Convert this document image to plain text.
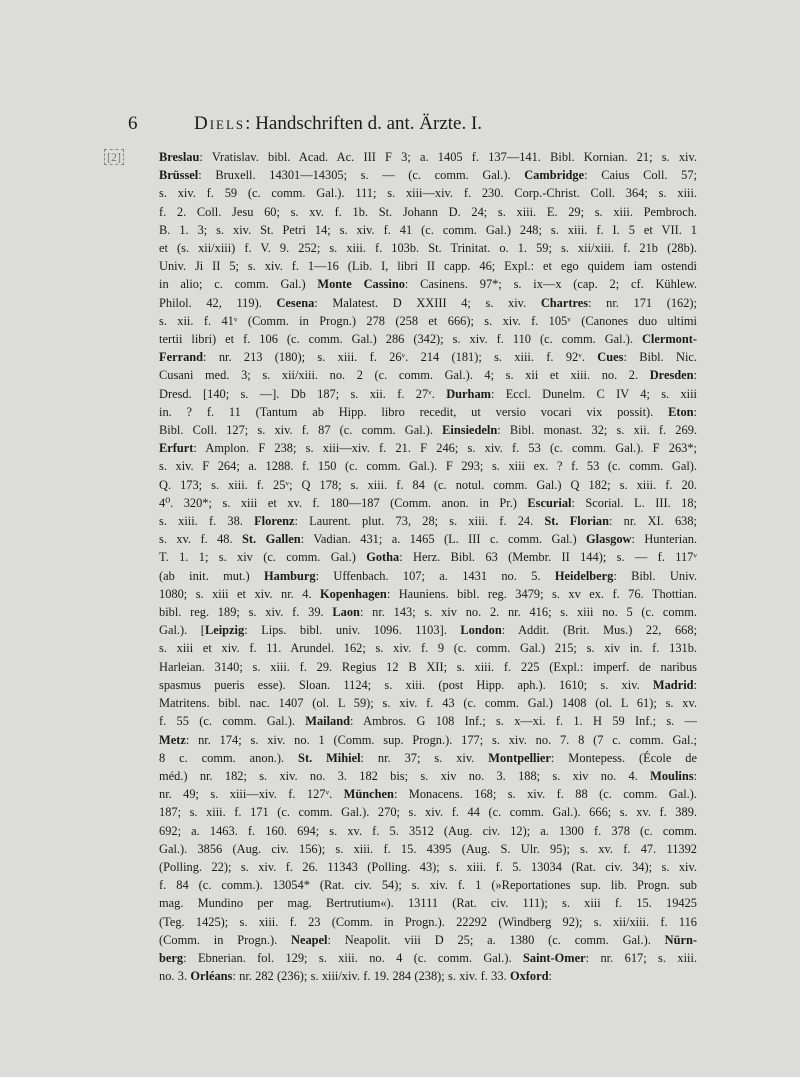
6	Diels: Handschriften d. ant. Ärzte. I.
[2]	Breslau: Vratislav. bibl. Acad. Ac. III F 3; a. 1405 f. 137—141. Bibl. Kornian. 21; s. xiv.
Brüssel: Bruxell. 14301—14305; s. — (c. comm. Gal.). Cambridge: Caius Coll. 57;
s. xiv. f. 59 (c. comm. Gal.). 111; s. xiii—xiv. f. 230. Corp.-Christ. Coll. 364; s. xiii.
f. 2. Coll. Jesu 60; s. xv. f. 1b. St. Johann D. 24; s. xiii. E. 29; s. xiii. Pembroch.
B. 1. 3; s. xiv. St. Petri 14; s. xiv. f. 41 (c. comm. Gal.) 248; s. xiii. f. I. 5 et VII. 1
et (s. xii/xiii) f. V. 9. 252; s. xiii. f. 103b. St. Trinitat. o. 1. 59; s. xii/xiii. f. 21b (28b).
Univ. Ji II 5; s. xiv. f. 1—16 (Lib. I, libri II capp. 46; Expl.: et ego quidem iam ostendi
in alio; c. comm. Gal.) Monte Cassino: Casinens. 97*; s. ix—x (cap. 2; cf. Kühlew.
Philol. 42, 119). Cesena: Malatest. D XXIII 4; s. xiv. Chartres: nr. 171 (162);
s. xii. f. 41ᵛ (Comm. in Progn.) 278 (258 et 666); s. xiv. f. 105ᵛ (Canones duo ultimi
tertii libri) et f. 106 (c. comm. Gal.) 286 (342); s. xiv. f. 110 (c. comm. Gal.). Clermont-
Ferrand: nr. 213 (180); s. xiii. f. 26ᵛ. 214 (181); s. xiii. f. 92ᵛ. Cues: Bibl. Nic.
Cusani med. 3; s. xii/xiii. no. 2 (c. comm. Gal.). 4; s. xii et xiii. no. 2. Dresden:
Dresd. [140; s. —]. Db 187; s. xii. f. 27ᵛ. Durham: Eccl. Dunelm. C IV 4; s. xiii
in. ? f. 11 (Tantum ab Hipp. libro recedit, ut versio vocari vix possit). Eton:
Bibl. Coll. 127; s. xiv. f. 87 (c. comm. Gal.). Einsiedeln: Bibl. monast. 32; s. xii. f. 269.
Erfurt: Amplon. F 238; s. xiii—xiv. f. 21. F 246; s. xiv. f. 53 (c. comm. Gal.). F 263*;
s. xiv. F 264; a. 1288. f. 150 (c. comm. Gal.). F 293; s. xiii ex. ? f. 53 (c. comm. Gal).
Q. 173; s. xiii. f. 25ᵛ; Q 178; s. xiii. f. 84 (c. notul. comm. Gal.) Q 182; s. xiii. f. 20.
4⁰. 320*; s. xiii et xv. f. 180—187 (Comm. anon. in Pr.) Escurial: Scorial. L. III. 18;
s. xiii. f. 38. Florenz: Laurent. plut. 73, 28; s. xiii. f. 24. St. Florian: nr. XI. 638;
s. xv. f. 48. St. Gallen: Vadian. 431; a. 1465 (L. III c. comm. Gal.) Glasgow: Hunterian.
T. 1. 1; s. xiv (c. comm. Gal.) Gotha: Herz. Bibl. 63 (Membr. II 144); s. — f. 117ᵛ
(ab init. mut.) Hamburg: Uffenbach. 107; a. 1431 no. 5. Heidelberg: Bibl. Univ.
1080; s. xiii et xiv. nr. 4. Kopenhagen: Hauniens. bibl. reg. 3479; s. xv ex. f. 76. Thottian.
bibl. reg. 189; s. xiv. f. 39. Laon: nr. 143; s. xiv no. 2. nr. 416; s. xiii no. 5 (c. comm.
Gal.). [Leipzig: Lips. bibl. univ. 1096. 1103]. London: Addit. (Brit. Mus.) 22, 668;
s. xiii et xiv. f. 11. Arundel. 162; s. xiv. f. 9 (c. comm. Gal.) 215; s. xiv in. f. 131b.
Harleian. 3140; s. xiii. f. 29. Regius 12 B XII; s. xiii. f. 225 (Expl.: imperf. de naribus
spasmus pueris esse). Sloan. 1124; s. xiii. (post Hipp. aph.). 1610; s. xiv. Madrid:
Matritens. bibl. nac. 1407 (ol. L 59); s. xiv. f. 43 (c. comm. Gal.) 1408 (ol. L 61); s. xv.
f. 55 (c. comm. Gal.). Mailand: Ambros. G 108 Inf.; s. x—xi. f. 1. H 59 Inf.; s. —
Metz: nr. 174; s. xiv. no. 1 (Comm. sup. Progn.). 177; s. xiv. no. 7. 8 (7 c. comm. Gal.;
8 c. comm. anon.). St. Mihiel: nr. 37; s. xiv. Montpellier: Montepess. (École de
méd.) nr. 182; s. xiv. no. 3. 182 bis; s. xiv no. 3. 188; s. xiv no. 4. Moulins:
nr. 49; s. xiii—xiv. f. 127ᵛ. München: Monacens. 168; s. xiv. f. 88 (c. comm. Gal.).
187; s. xiii. f. 171 (c. comm. Gal.). 270; s. xiv. f. 44 (c. comm. Gal.). 666; s. xv. f. 389.
692; a. 1463. f. 160. 694; s. xv. f. 5. 3512 (Aug. civ. 12); a. 1300 f. 378 (c. comm.
Gal.). 3856 (Aug. civ. 156); s. xiii. f. 15. 4395 (Aug. S. Ulr. 95); s. xv. f. 47. 11392
(Polling. 22); s. xiv. f. 26. 11343 (Polling. 43); s. xiii. f. 5. 13034 (Rat. civ. 34); s. xiv.
f. 84 (c. comm.). 13054* (Rat. civ. 54); s. xiv. f. 1 (»Reportationes sup. lib. Progn. sub
mag. Mundino per mag. Bertrutium«). 13111 (Rat. civ. 111); s. xiii f. 15. 19425
(Teg. 1425); s. xiii. f. 23 (Comm. in Progn.). 22292 (Windberg 92); s. xii/xiii. f. 116
(Comm. in Progn.). Neapel: Neapolit. viii D 25; a. 1380 (c. comm. Gal.). Nürn-
berg: Ebnerian. fol. 129; s. xiii. no. 4 (c. comm. Gal.). Saint-Omer: nr. 617; s. xiii.
no. 3. Orléans: nr. 282 (236); s. xiii/xiv. f. 19. 284 (238); s. xiv. f. 33. Oxford:
